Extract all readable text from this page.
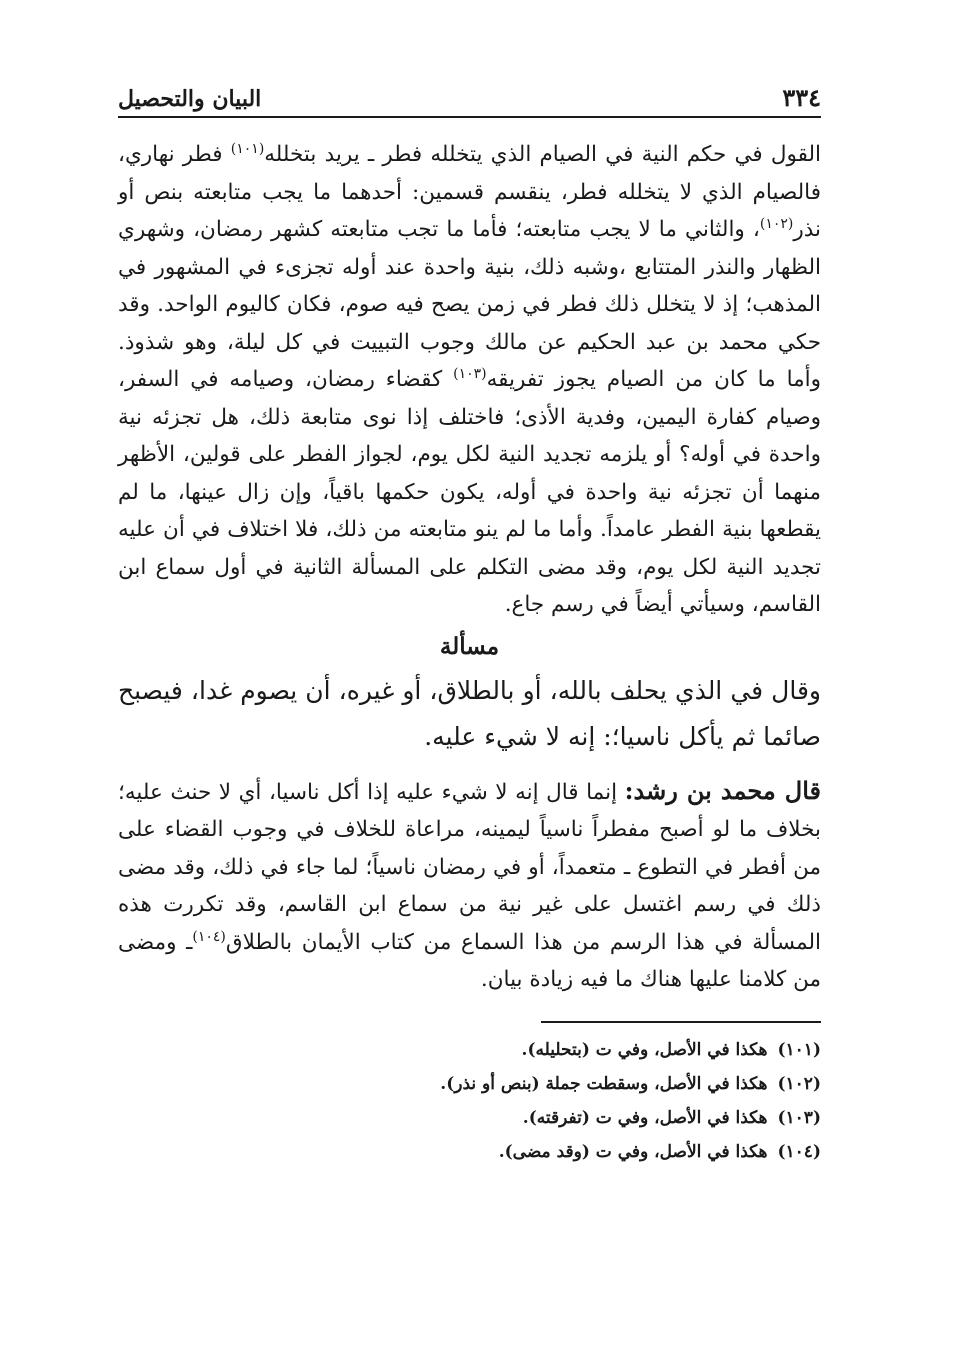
٣٣٤
البيان والتحصيل

القول في حكم النية في الصيام الذي يتخلله فطر ـ يريد بتخلله$^{(١٠١)}$ فطر نهاري، فالصيام الذي لا يتخلله فطر، ينقسم قسمين: أحدهما ما يجب متابعته بنص أو نذر$^{(١٠٢)}$، والثاني ما لا يجب متابعته؛ فأما ما تجب متابعته كشهر رمضان، وشهري الظهار والنذر المتتابع ،وشبه ذلك، بنية واحدة عند أوله تجزىء في المشهور في المذهب؛ إذ لا يتخلل ذلك فطر في زمن يصح فيه صوم، فكان كاليوم الواحد. وقد حكي محمد بن عبد الحكيم عن مالك وجوب التبييت في كل ليلة، وهو شذوذ. وأما ما كان من الصيام يجوز تفريقه$^{(١٠٣)}$ كقضاء رمضان، وصيامه في السفر، وصيام كفارة اليمين، وفدية الأذى؛ فاختلف إذا نوى متابعة ذلك، هل تجزئه نية واحدة في أوله؟ أو يلزمه تجديد النية لكل يوم، لجواز الفطر على قولين، الأظهر منهما أن تجزئه نية واحدة في أوله، يكون حكمها باقياً، وإن زال عينها، ما لم يقطعها بنية الفطر عامداً. وأما ما لم ينو متابعته من ذلك، فلا اختلاف في أن عليه تجديد النية لكل يوم، وقد مضى التكلم على المسألة الثانية في أول سماع ابن القاسم، وسيأتي أيضاً في رسم جاع.

مسألة

وقال في الذي يحلف بالله، أو بالطلاق، أو غيره، أن يصوم غدا، فيصبح صائما ثم يأكل ناسيا؛: إنه لا شيء عليه.

قال محمد بن رشد: إنما قال إنه لا شيء عليه إذا أكل ناسيا، أي لا حنث عليه؛ بخلاف ما لو أصبح مفطراً ناسياً ليمينه، مراعاة للخلاف في وجوب القضاء على من أفطر في التطوع ـ متعمداً، أو في رمضان ناسياً؛ لما جاء في ذلك، وقد مضى ذلك في رسم اغتسل على غير نية من سماع ابن القاسم، وقد تكررت هذه المسألة في هذا الرسم من هذا السماع من كتاب الأيمان بالطلاق$^{(١٠٤)}$ـ ومضى من كلامنا عليها هناك ما فيه زيادة بيان.

(١٠١)هكذا في الأصل، وفي ت (بتحليله).
(١٠٢)هكذا في الأصل، وسقطت جملة (بنص أو نذر).
(١٠٣)هكذا في الأصل، وفي ت (تفرقته).
(١٠٤)هكذا في الأصل، وفي ت (وقد مضى).
